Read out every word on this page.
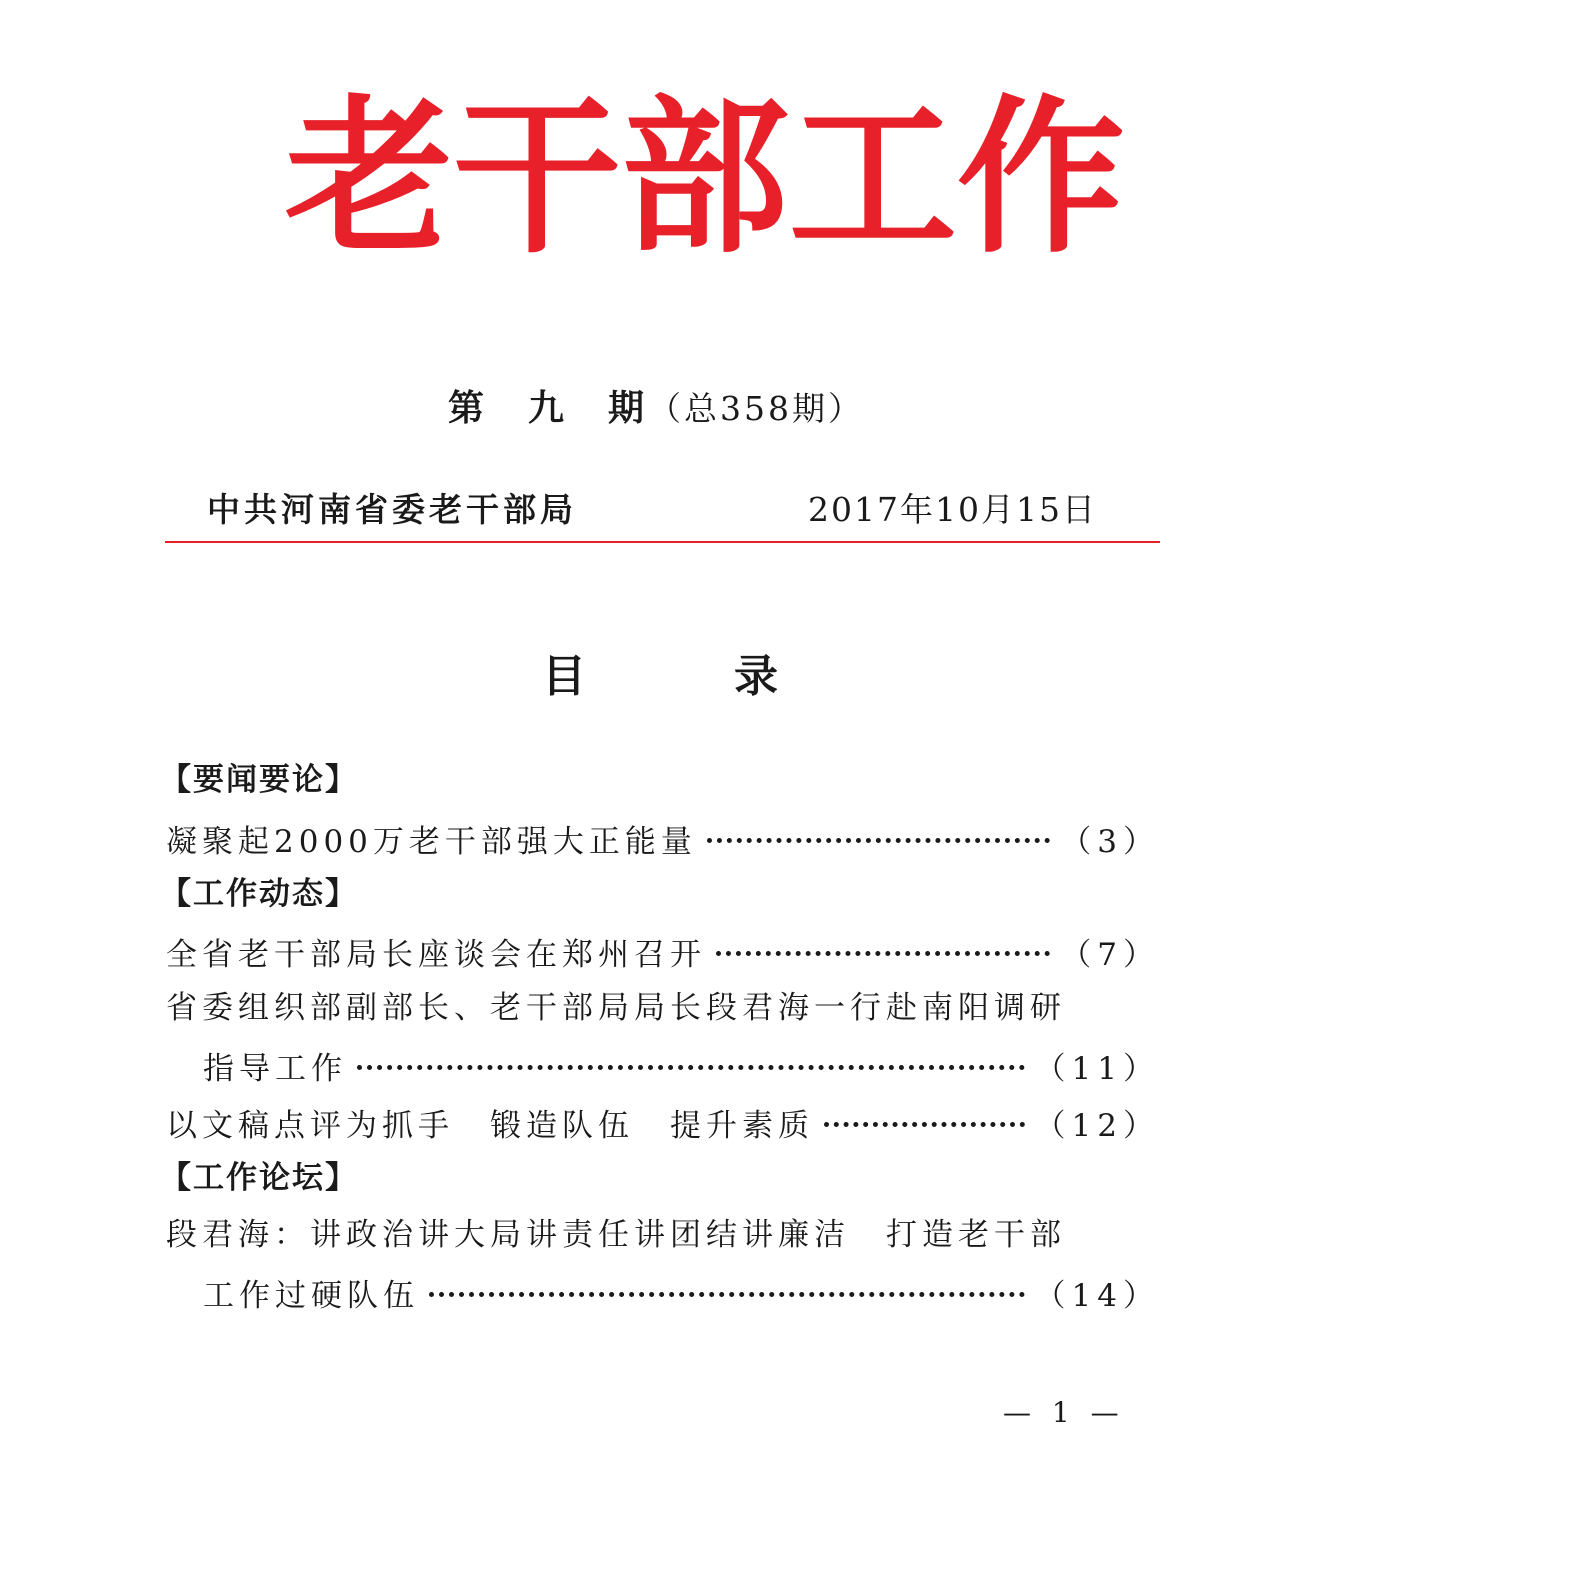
老 干 部 工 作
第九期（总358期）
中共河南省委老干部局	2017年10月15日
目	录
【要闻要论】
凝聚起2000万老干部强大正能量	（3）
【工作动态】
全省老干部局长座谈会在郑州召开	（7）
省委组织部副部长、老干部局局长段君海一行赴南阳调研
指导工作	（11）
以文稿点评为抓手　锻造队伍　提升素质	（12）
【工作论坛】
段君海：讲政治讲大局讲责任讲团结讲廉洁　打造老干部
工作过硬队伍	（14）
— 1 —
